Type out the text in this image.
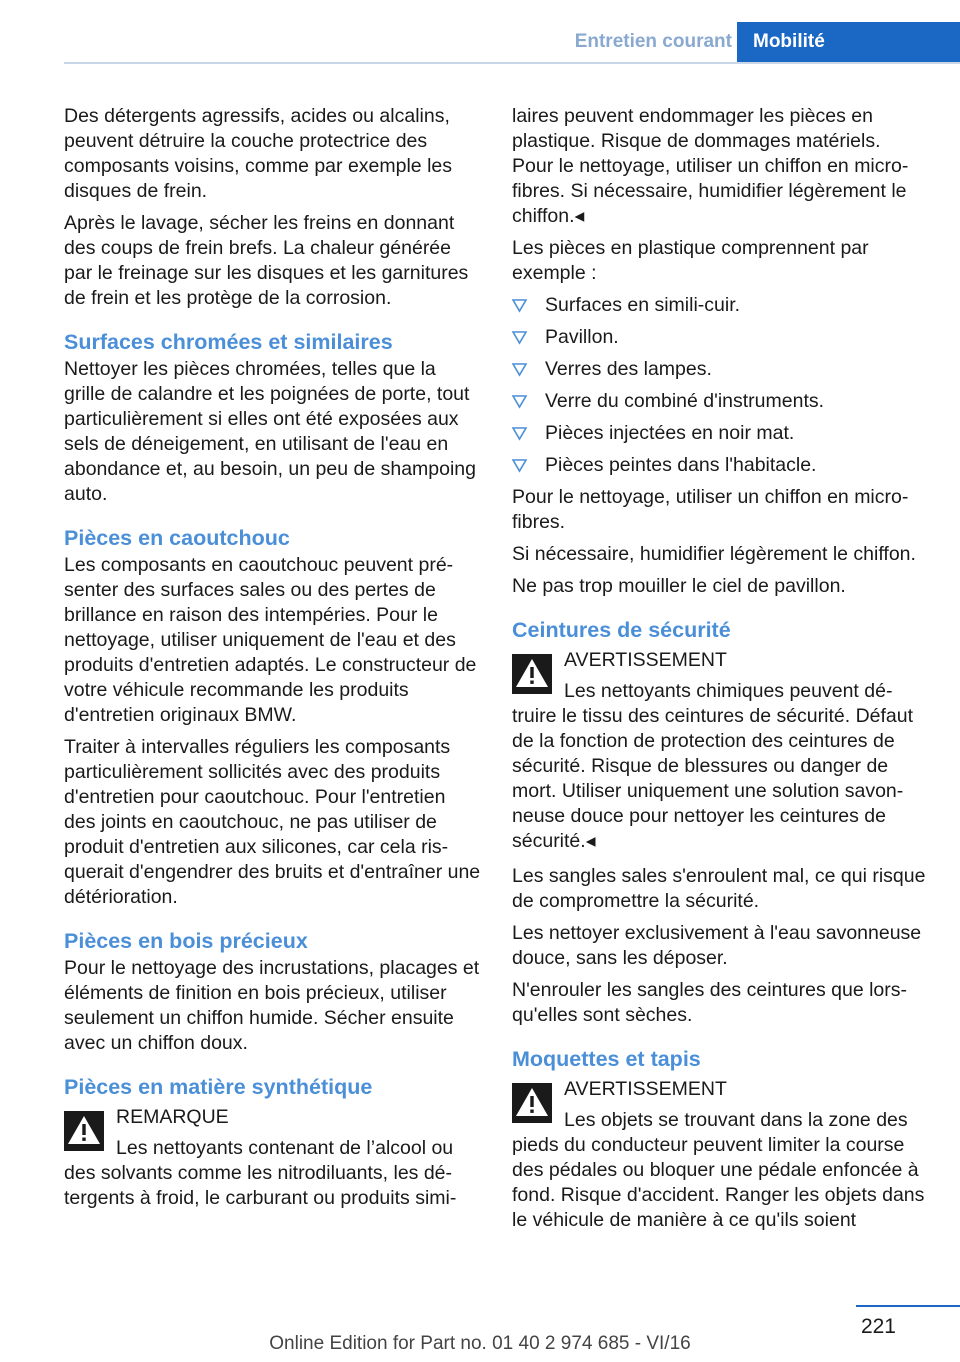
Entretien courant	Mobilité

Des détergents agressifs, acides ou alcalins, peuvent détruire la couche protectrice des composants voisins, comme par exemple les disques de frein.

Après le lavage, sécher les freins en donnant des coups de frein brefs. La chaleur générée par le freinage sur les disques et les garnitures de frein et les protège de la corrosion.

Surfaces chromées et similaires

Nettoyer les pièces chromées, telles que la grille de calandre et les poignées de porte, tout particulièrement si elles ont été exposées aux sels de déneigement, en utilisant de l'eau en abondance et, au besoin, un peu de shampoing auto.

Pièces en caoutchouc

Les composants en caoutchouc peuvent présenter des surfaces sales ou des pertes de brillance en raison des intempéries. Pour le nettoyage, utiliser uniquement de l'eau et des produits d'entretien adaptés. Le constructeur de votre véhicule recommande les produits d'entretien originaux BMW.

Traiter à intervalles réguliers les composants particulièrement sollicités avec des produits d'entretien pour caoutchouc. Pour l'entretien des joints en caoutchouc, ne pas utiliser de produit d'entretien aux silicones, car cela risquerait d'engendrer des bruits et d'entraîner une détérioration.

Pièces en bois précieux

Pour le nettoyage des incrustations, placages et éléments de finition en bois précieux, utiliser seulement un chiffon humide. Sécher ensuite avec un chiffon doux.

Pièces en matière synthétique
REMARQUE
Les nettoyants contenant de l’alcool ou des solvants comme les nitrodiluants, les détergents à froid, le carburant ou produits simi-

laires peuvent endommager les pièces en plastique. Risque de dommages matériels. Pour le nettoyage, utiliser un chiffon en microfibres. Si nécessaire, humidifier légèrement le chiffon.◂

Les pièces en plastique comprennent par exemple :

Surfaces en simili-cuir.
Pavillon.
Verres des lampes.
Verre du combiné d'instruments.
Pièces injectées en noir mat.
Pièces peintes dans l'habitacle.

Pour le nettoyage, utiliser un chiffon en microfibres.

Si nécessaire, humidifier légèrement le chiffon.

Ne pas trop mouiller le ciel de pavillon.

Ceintures de sécurité
AVERTISSEMENT
Les nettoyants chimiques peuvent détruire le tissu des ceintures de sécurité. Défaut de la fonction de protection des ceintures de sécurité. Risque de blessures ou danger de mort. Utiliser uniquement une solution savonneuse douce pour nettoyer les ceintures de sécurité.◂

Les sangles sales s'enroulent mal, ce qui risque de compromettre la sécurité.

Les nettoyer exclusivement à l'eau savonneuse douce, sans les déposer.

N'enrouler les sangles des ceintures que lorsqu'elles sont sèches.

Moquettes et tapis
AVERTISSEMENT
Les objets se trouvant dans la zone des pieds du conducteur peuvent limiter la course des pédales ou bloquer une pédale enfoncée à fond. Risque d'accident. Ranger les objets dans le véhicule de manière à ce qu'ils soient
221
Online Edition for Part no. 01 40 2 974 685 - VI/16
